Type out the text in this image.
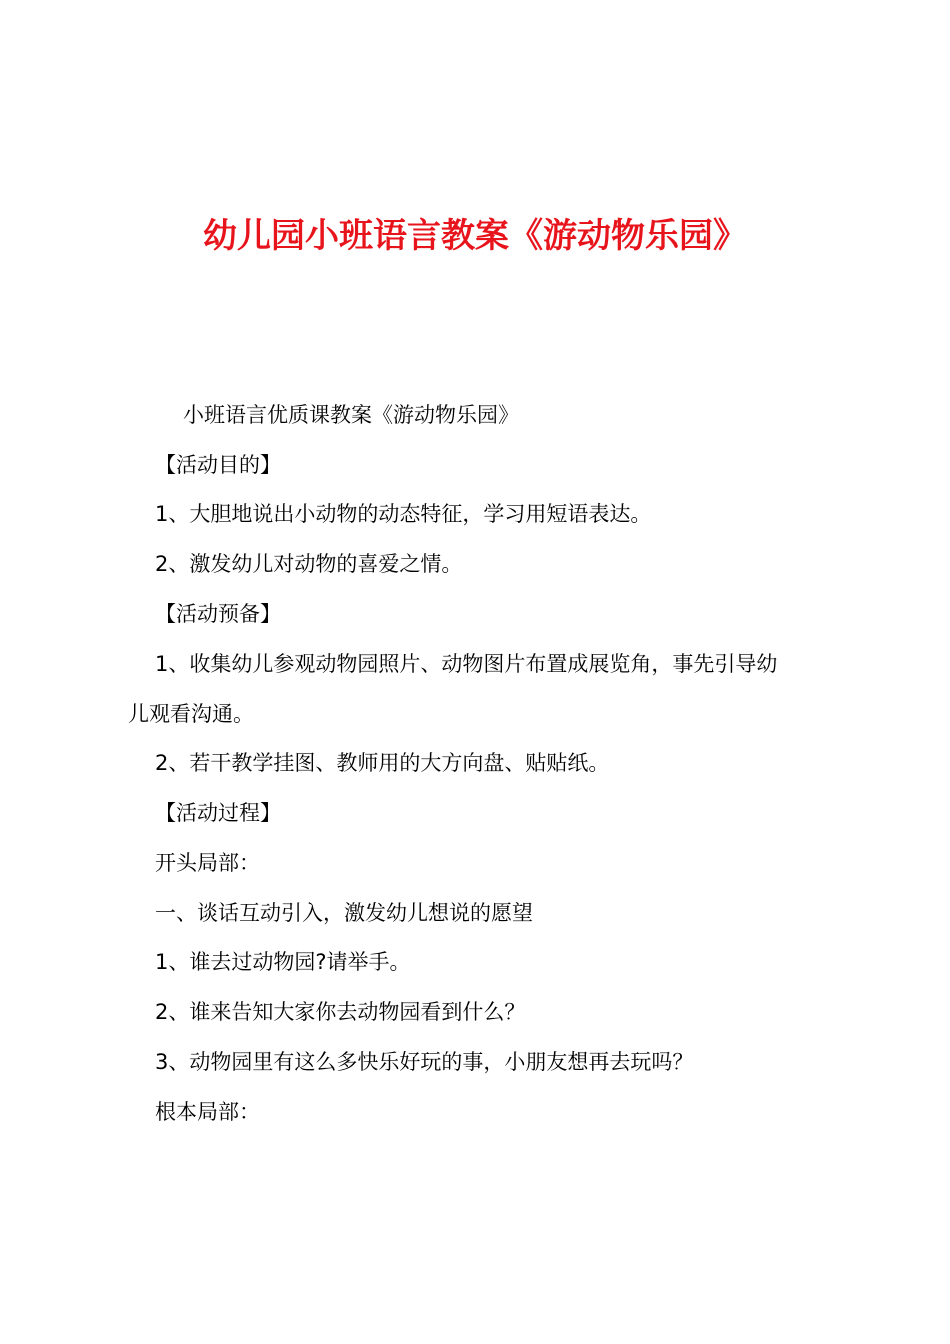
幼儿园小班语言教案《游动物乐园》
小班语言优质课教案《游动物乐园》
【活动目的】
1、大胆地说出小动物的动态特征，学习用短语表达。
2、激发幼儿对动物的喜爱之情。
【活动预备】
1、收集幼儿参观动物园照片、动物图片布置成展览角，事先引导幼
儿观看沟通。
2、若干教学挂图、教师用的大方向盘、贴贴纸。
【活动过程】
开头局部：
一、谈话互动引入，激发幼儿想说的愿望
1、谁去过动物园?请举手。
2、谁来告知大家你去动物园看到什么？
3、动物园里有这么多快乐好玩的事，小朋友想再去玩吗？
根本局部：
